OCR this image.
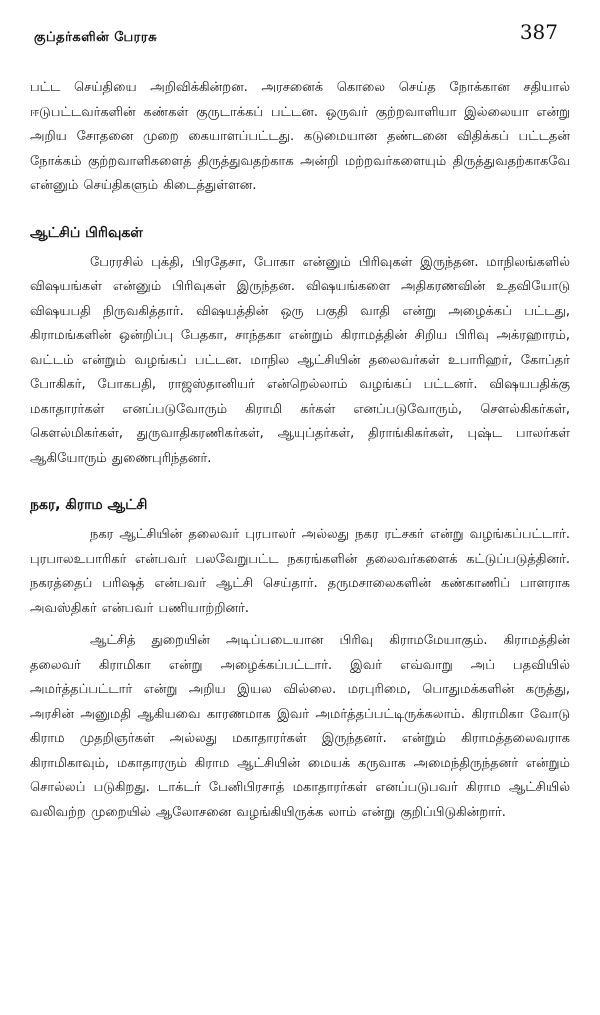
குப்தர்களின் பேரரசு	387

பட்ட செய்தியை அறிவிக்கின்றன. அரசனைக் கொலை செய்த நோக்கான சதியால் ஈடுபட்டவர்களின் கண்கள் குருடாக்கப் பட்டன. ஒருவர் குற்றவாளியா இல்லையா என்று அறிய சோதனை முறை கையாளப்பட்டது. கடுமையான தண்டனை விதிக்கப் பட்டதன் நோக்கம் குற்றவாளிகளைத் திருத்துவதற்காக அன்றி மற்றவர்களையும் திருத்துவதற்காகவே என்னும் செய்திகளும் கிடைத்துள்ளன.

ஆட்சிப் பிரிவுகள்

பேரரசில் புக்தி, பிரதேசா, போகா என்னும் பிரிவுகள் இருந்தன. மாநிலங்களில் விஷயங்கள் என்னும் பிரிவுகள் இருந்தன. விஷயங்களை அதிகரணவின் உதவியோடு விஷயபதி நிருவகித்தார். விஷயத்தின் ஒரு பகுதி வாதி என்று அழைக்கப் பட்டது, கிராமங்களின் ஒன்றிப்பு பேதகா, சாந்தகா என்றும் கிராமத்தின் சிறிய பிரிவு அக்ரஹாரம், வட்டம் என்றும் வழங்கப் பட்டன. மாநில ஆட்சியின் தலைவர்கள் உபாரிஹர், கோப்தர் போகிகர், போகபதி, ராஜஸ்தானியர் என்றெல்லாம் வழங்கப் பட்டனர். விஷயபதிக்கு மகாதாரர்கள் எனப்படுவோரும் கிராமி கர்கள் எனப்படுவோரும், சௌல்கிகர்கள், கௌல்மிகர்கள், துருவாதிகரணிகர்கள், ஆயுப்தர்கள், திராங்கிகர்கள், புஷ்ட பாலர்கள் ஆகியோரும் துணைபுரிந்தனர்.

நகர, கிராம ஆட்சி

நகர ஆட்சியின் தலைவர் புரபாலர் அல்லது நகர ரட்சகர் என்று வழங்கப்பட்டார். புரபாலஉபாரிகர் என்பவர் பலவேறுபட்ட நகரங்களின் தலைவர்களைக் கட்டுப்படுத்தினர். நகரத்தைப் பரிஷத் என்பவர் ஆட்சி செய்தார். தருமசாலைகளின் கண்காணிப் பாளராக அவஸ்திகர் என்பவர் பணியாற்றினர்.

ஆட்சித் துறையின் அடிப்படையான பிரிவு கிராமமேயாகும். கிராமத்தின் தலைவர் கிராமிகா என்று அழைக்கப்பட்டார். இவர் எவ்வாறு அப் பதவியில் அமர்த்தப்பட்டார் என்று அறிய இயல வில்லை. மரபுரிமை, பொதுமக்களின் கருத்து, அரசின் அனுமதி ஆகியவை காரணமாக இவர் அமர்த்தப்பட்டிருக்கலாம். கிராமிகா வோடு கிராம முதறிஞர்கள் அல்லது மகாதாரர்கள் இருந்தனர். என்றும் கிராமத்தலைவராக கிராமிகாவும், மகாதாரரும் கிராம ஆட்சியின் மையக் கருவாக அமைந்திருந்தனர் என்றும் சொல்லப் படுகிறது. டாக்டர் பேனிபிரசாத் மகாதாரர்கள் எனப்படுபவர் கிராம ஆட்சியில் வலிவற்ற முறையில் ஆலோசனை வழங்கியிருக்க லாம் என்று குறிப்பிடுகின்றார்.
